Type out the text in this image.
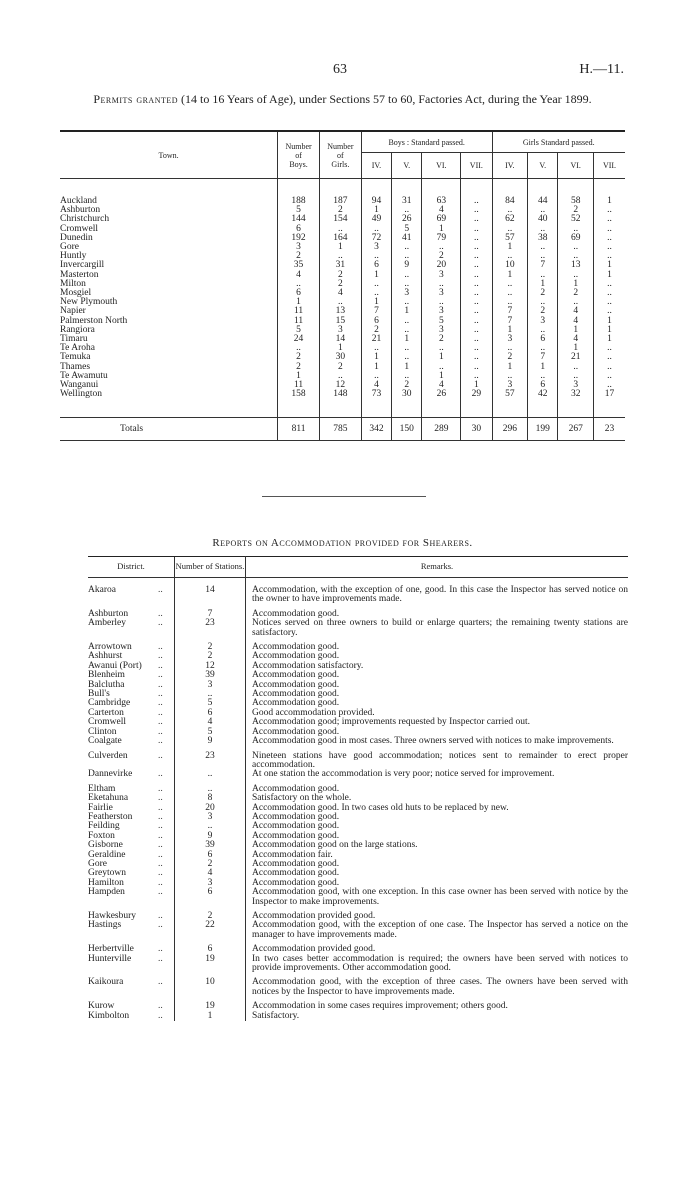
63	H.—11.
Permits granted (14 to 16 Years of Age), under Sections 57 to 60, Factories Act, during the Year 1899.
Town.	Number
of
Boys.	Number
of
Girls.	Boys : Standard passed.				Girls Standard passed.			
			IV.	V.	VI.	VII.	IV.	V.	VI.	VII.

Auckland	188	187	94	31	63	..	84	44	58	1
Ashburton	5	2	1	..	4	..	..	..	2	..
Christchurch	144	154	49	26	69	..	62	40	52	..
Cromwell	6	..	..	5	1	..	..	..	..	..
Dunedin	192	164	72	41	79	..	57	38	69	..
Gore	3	1	3	..	..	..	1	..	..	..
Huntly	2	..	..	..	2	..	..	..	..	..
Invercargill	35	31	6	9	20	..	10	7	13	1
Masterton	4	2	1	..	3	..	1	..	..	1
Milton	..	2	..	..	..	..	..	1	1	..
Mosgiel	6	4	..	3	3	..	..	2	2	..
New Plymouth	1	..	1	..	..	..	..	..	..	..
Napier	11	13	7	1	3	..	7	2	4	..
Palmerston North	11	15	6	..	5	..	7	3	4	1
Rangiora	5	3	2	..	3	..	1	..	1	1
Timaru	24	14	21	1	2	..	3	6	4	1
Te Aroha	..	1	..	..	..	..	..	..	1	..
Temuka	2	30	1	..	1	..	2	7	21	..
Thames	2	2	1	1	..	..	1	1	..	..
Te Awamutu	1	..	..	..	1	..	..	..	..	..
Wanganui	11	12	4	2	4	1	3	6	3	..
Wellington	158	148	73	30	26	29	57	42	32	17

Totals	811	785	342	150	289	30	296	199	267	23
Reports on Accommodation provided for Shearers.
District.		Number of Stations.	Remarks.
Akaroa	..	14	Accommodation, with the exception of one, good. In this case the Inspector has served notice on the owner to have improvements made.

Ashburton	..	7	Accommodation good.
Amberley	..	23	Notices served on three owners to build or enlarge quarters; the remaining twenty stations are satisfactory.

Arrowtown	..	2	Accommodation good.
Ashhurst	..	2	Accommodation good.
Awanui (Port)	..	12	Accommodation satisfactory.
Blenheim	..	39	Accommodation good.
Balclutha	..	3	Accommodation good.
Bull's	..	..	Accommodation good.
Cambridge	..	5	Accommodation good.
Carterton	..	6	Good accommodation provided.
Cromwell	..	4	Accommodation good; improvements requested by Inspector carried out.
Clinton	..	5	Accommodation good.
Coalgate	..	9	Accommodation good in most cases. Three owners served with notices to make improvements.

Culverden	..	23	Nineteen stations have good accommodation; notices sent to remainder to erect proper accommodation.
Dannevirke	..	..	At one station the accommodation is very poor; notice served for improvement.

Eltham	..	..	Accommodation good.
Eketahuna	..	8	Satisfactory on the whole.
Fairlie	..	20	Accommodation good. In two cases old huts to be replaced by new.
Featherston	..	3	Accommodation good.
Feilding	..	..	Accommodation good.
Foxton	..	9	Accommodation good.
Gisborne	..	39	Accommodation good on the large stations.
Geraldine	..	6	Accommodation fair.
Gore	..	2	Accommodation good.
Greytown	..	4	Accommodation good.
Hamilton	..	3	Accommodation good.
Hampden	..	6	Accommodation good, with one exception. In this case owner has been served with notice by the Inspector to make improvements.

Hawkesbury	..	2	Accommodation provided good.
Hastings	..	22	Accommodation good, with the exception of one case. The Inspector has served a notice on the manager to have improvements made.

Herbertville	..	6	Accommodation provided good.
Hunterville	..	19	In two cases better accommodation is required; the owners have been served with notices to provide improvements. Other accommodation good.

Kaikoura	..	10	Accommodation good, with the exception of three cases. The owners have been served with notices by the Inspector to have improvements made.

Kurow	..	19	Accommodation in some cases requires improvement; others good.
Kimbolton	..	1	Satisfactory.
